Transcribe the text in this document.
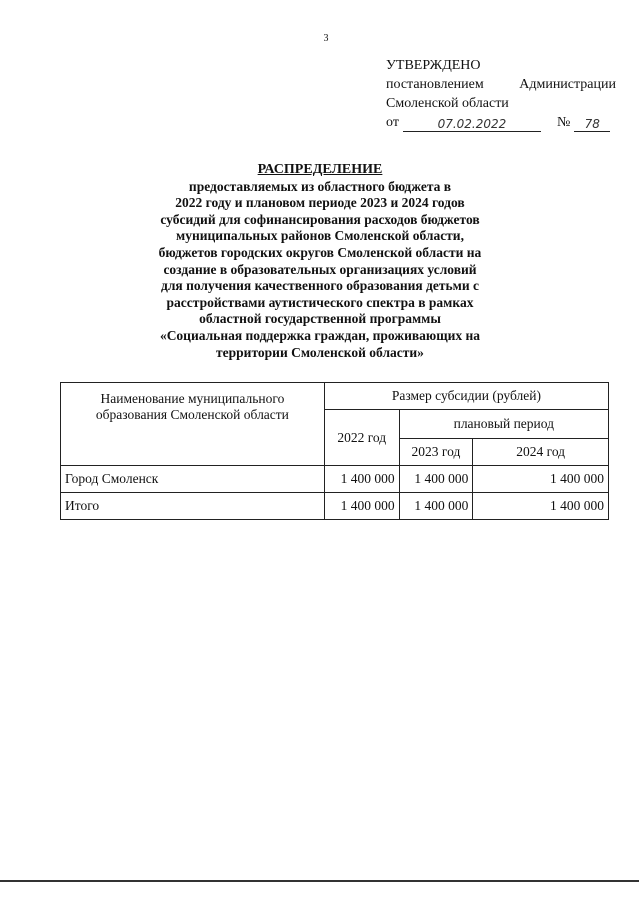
3
УТВЕРЖДЕНО
постановлением	Администрации
Смоленской области
от	07.02.2022	№	78
РАСПРЕДЕЛЕНИЕ
предоставляемых из областного бюджета в
2022 году и плановом периоде 2023 и 2024 годов
субсидий для софинансирования расходов бюджетов
муниципальных районов Смоленской области,
бюджетов городских округов Смоленской области на
создание в образовательных организациях условий
для получения качественного образования детьми с
расстройствами аутистического спектра в рамках
областной государственной программы
«Социальная поддержка граждан, проживающих на
территории Смоленской области»
Наименование муниципального образования Смоленской области	Размер субсидии (рублей)		
	2022 год	плановый период	
		2023 год	2024 год
Город Смоленск	1 400 000	1 400 000	1 400 000
Итого	1 400 000	1 400 000	1 400 000
